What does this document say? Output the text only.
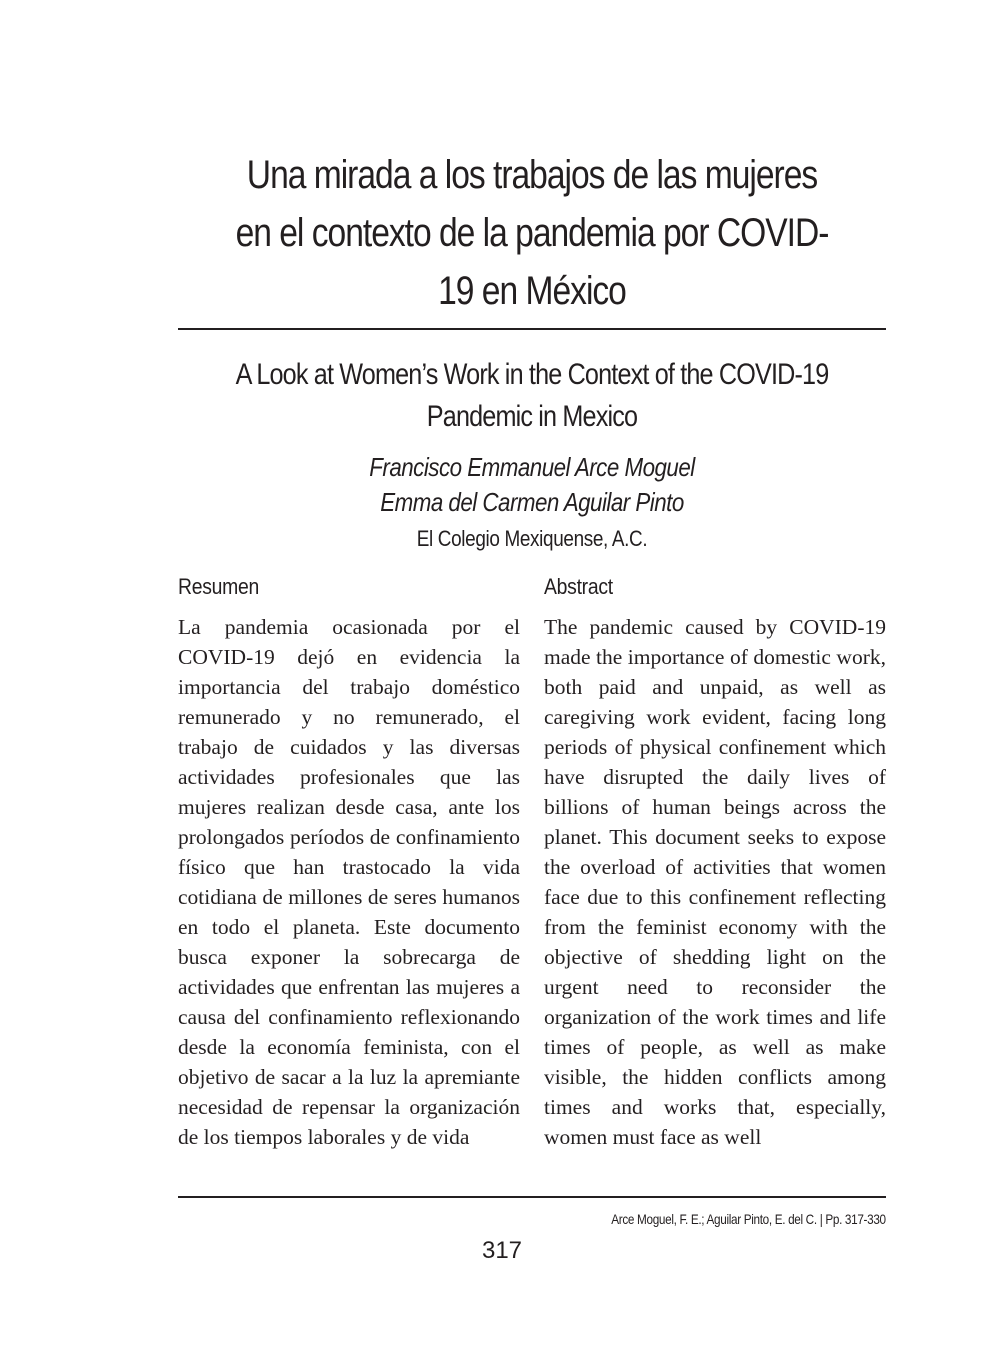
Una mirada a los trabajos de las mujeres en el contexto de la pandemia por COVID-19 en México
A Look at Women’s Work in the Context of the COVID-19 Pandemic in Mexico
Francisco Emmanuel Arce Moguel
Emma del Carmen Aguilar Pinto
El Colegio Mexiquense, A.C.
Resumen

La pandemia ocasionada por el COVID-19 dejó en evidencia la importancia del trabajo doméstico remunerado y no remunerado, el trabajo de cuidados y las diversas actividades profesionales que las mujeres realizan desde casa, ante los prolongados períodos de confinamiento físico que han trastocado la vida cotidiana de millones de seres humanos en todo el planeta. Este documento busca exponer la sobrecarga de actividades que enfrentan las mujeres a causa del confinamiento reflexionando desde la economía feminista, con el objetivo de sacar a la luz la apremiante necesidad de repensar la organización de los tiempos laborales y de vida

Abstract

The pandemic caused by COVID-19 made the importance of domestic work, both paid and unpaid, as well as caregiving work evident, facing long periods of physical confinement which have disrupted the daily lives of billions of human beings across the planet. This document seeks to expose the overload of activities that women face due to this confinement reflecting from the feminist economy with the objective of shedding light on the urgent need to reconsider the organization of the work times and life times of people, as well as make visible, the hidden conflicts among times and works that, especially, women must face as well

Arce Moguel, F. E.; Aguilar Pinto, E. del C. | Pp. 317-330
317
